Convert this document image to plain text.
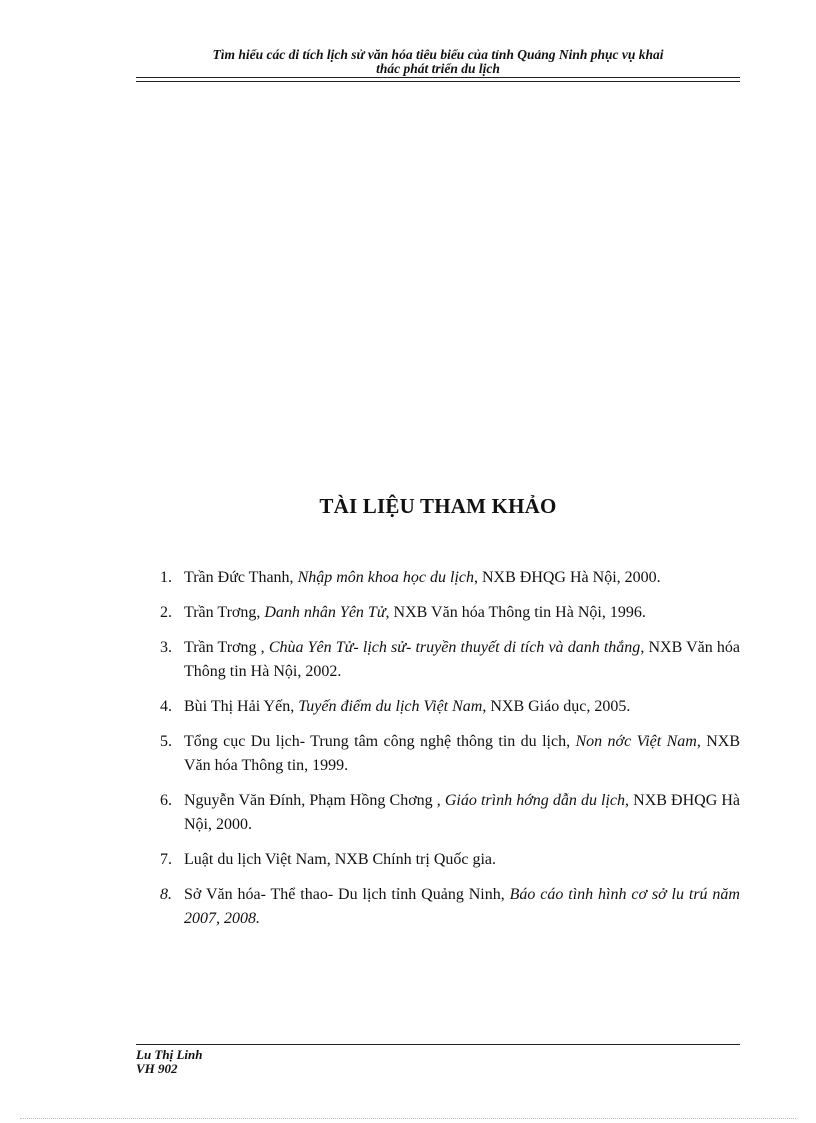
Tìm hiểu các di tích lịch sử văn hóa tiêu biểu của tỉnh Quảng Ninh phục vụ khai
thác phát triển du lịch
TÀI LIỆU THAM KHẢO
1. Trần Đức Thanh, Nhập môn khoa học du lịch, NXB ĐHQG Hà Nội, 2000.
2. Trần Trơng, Danh nhân Yên Tử, NXB Văn hóa Thông tin Hà Nội, 1996.
3. Trần Trơng , Chùa Yên Tử- lịch sử- truyền thuyết di tích và danh thắng, NXB Văn hóa Thông tin Hà Nội, 2002.
4. Bùi Thị Hải Yến, Tuyến điểm du lịch Việt Nam, NXB Giáo dục, 2005.
5. Tổng cục Du lịch- Trung tâm công nghệ thông tin du lịch, Non nớc Việt Nam, NXB Văn hóa Thông tin, 1999.
6. Nguyễn Văn Đính, Phạm Hồng Chơng , Giáo trình hớng dẫn du lịch, NXB ĐHQG Hà Nội, 2000.
7. Luật du lịch Việt Nam, NXB Chính trị Quốc gia.
8. Sở Văn hóa- Thể thao- Du lịch tỉnh Quảng Ninh, Báo cáo tình hình cơ sở lu trú năm 2007, 2008.
Lu Thị Linh
VH 902
